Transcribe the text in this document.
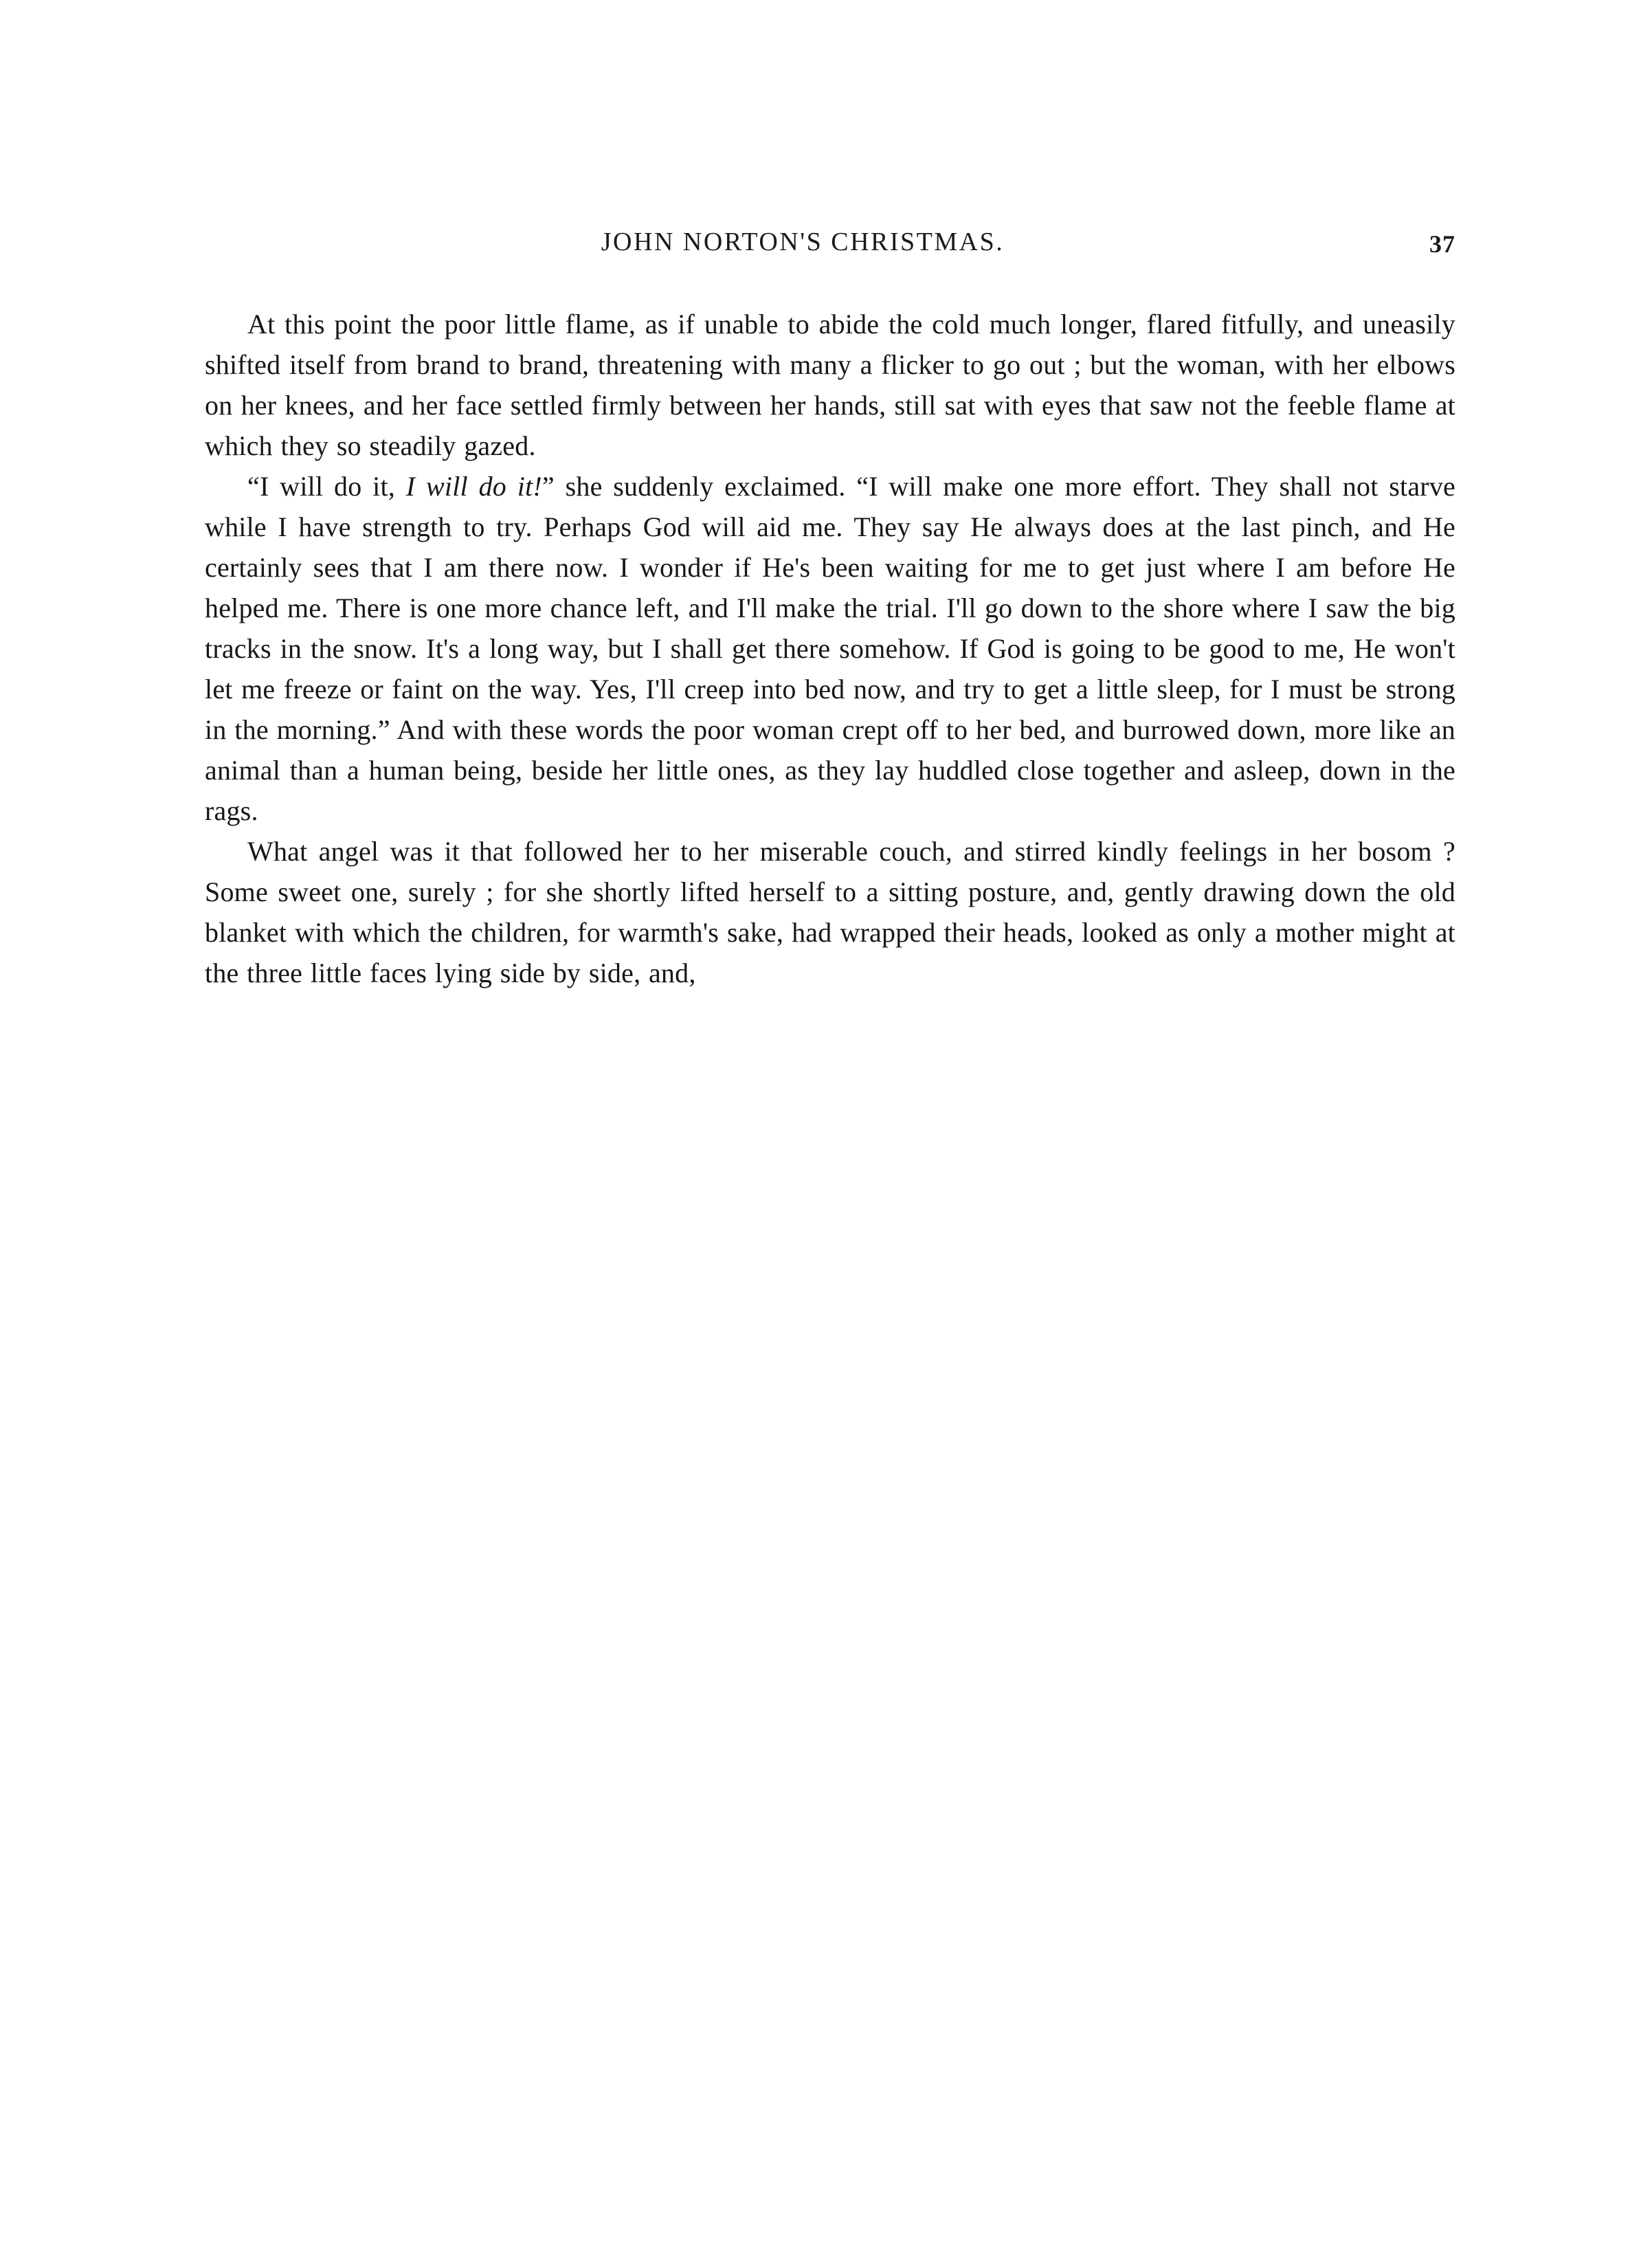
JOHN NORTON'S CHRISTMAS.	37

At this point the poor little flame, as if unable to abide the cold much longer, flared fitfully, and uneasily shifted itself from brand to brand, threatening with many a flicker to go out ; but the woman, with her elbows on her knees, and her face settled firmly between her hands, still sat with eyes that saw not the feeble flame at which they so steadily gazed.

“I will do it, I will do it!” she suddenly exclaimed. “I will make one more effort. They shall not starve while I have strength to try. Perhaps God will aid me. They say He always does at the last pinch, and He certainly sees that I am there now. I wonder if He's been waiting for me to get just where I am before He helped me. There is one more chance left, and I'll make the trial. I'll go down to the shore where I saw the big tracks in the snow. It's a long way, but I shall get there somehow. If God is going to be good to me, He won't let me freeze or faint on the way. Yes, I'll creep into bed now, and try to get a little sleep, for I must be strong in the morning.” And with these words the poor woman crept off to her bed, and burrowed down, more like an animal than a human being, beside her little ones, as they lay huddled close together and asleep, down in the rags.

What angel was it that followed her to her miserable couch, and stirred kindly feelings in her bosom ? Some sweet one, surely ; for she shortly lifted herself to a sitting posture, and, gently drawing down the old blanket with which the children, for warmth's sake, had wrapped their heads, looked as only a mother might at the three little faces lying side by side, and,
